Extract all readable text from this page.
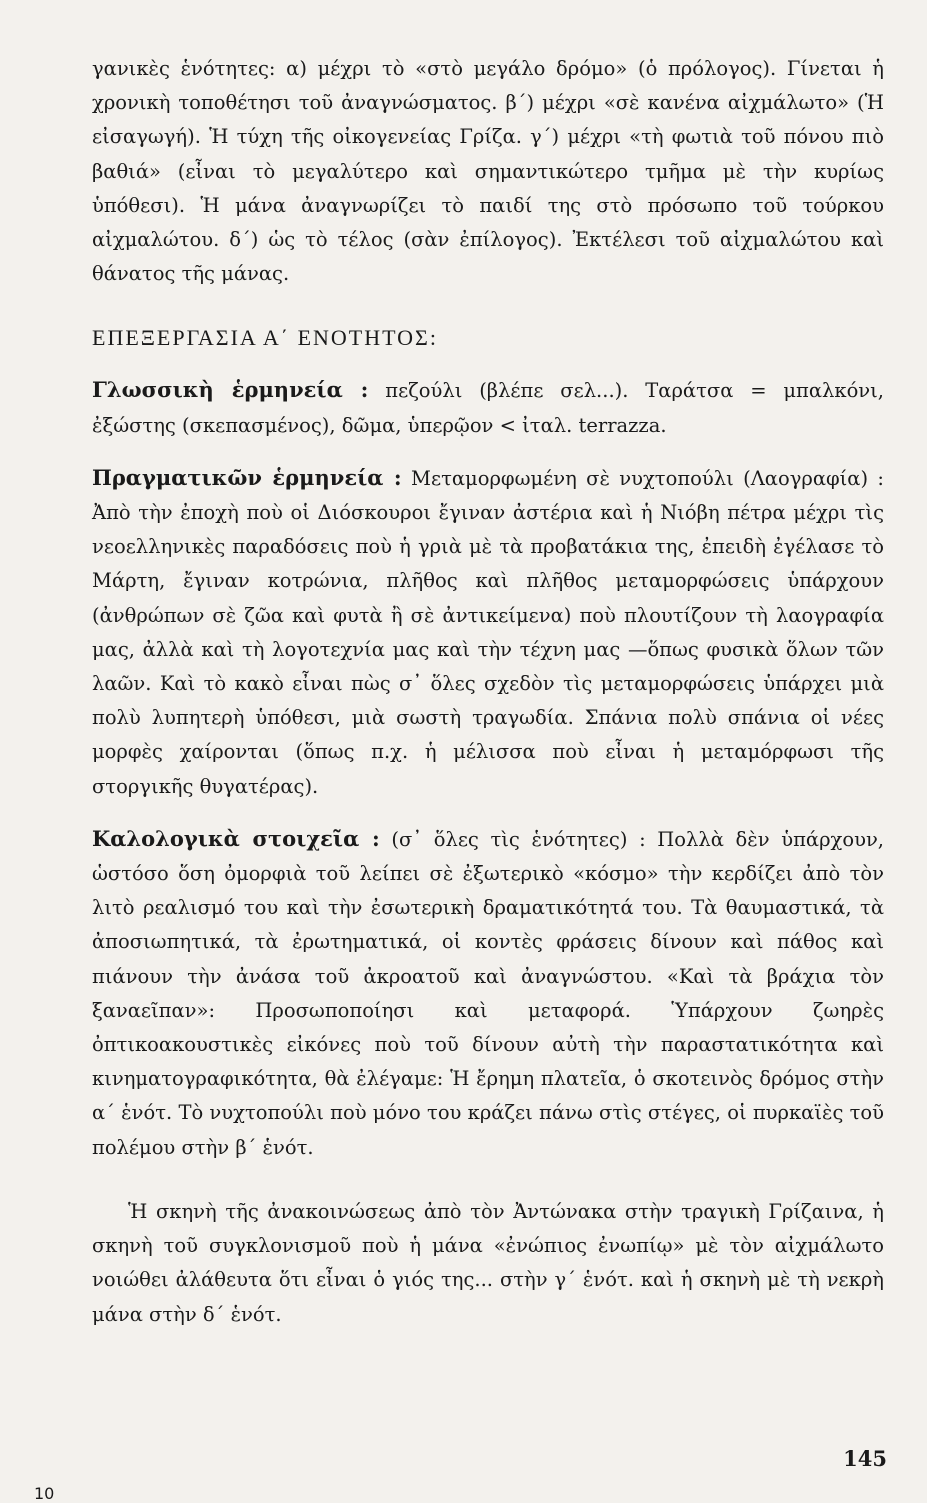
γανικὲς ἑνότητες: α) μέχρι τὸ «στὸ μεγάλο δρόμο» (ὁ πρόλογος). Γίνεται ἡ χρονικὴ τοποθέτησι τοῦ ἀναγνώσματος. β΄) μέχρι «σὲ κανένα αἰχμάλωτο» (Ἡ εἰσαγωγή). Ἡ τύχη τῆς οἰκογενείας Γρίζα. γ΄) μέχρι «τὴ φωτιὰ τοῦ πόνου πιὸ βαθιά» (εἶναι τὸ μεγαλύτερο καὶ σημαντικώτερο τμῆμα μὲ τὴν κυρίως ὑπόθεσι). Ἡ μάνα ἀναγνωρίζει τὸ παιδί της στὸ πρόσωπο τοῦ τούρκου αἰχμαλώτου. δ΄) ὡς τὸ τέλος (σὰν ἐπίλογος). Ἐκτέλεσι τοῦ αἰχμαλώτου καὶ θάνατος τῆς μάνας.

ΕΠΕΞΕΡΓΑΣΙΑ Α΄ ΕΝΟΤΗΤΟΣ:

Γλωσσικὴ ἑρμηνεία : πεζούλι (βλέπε σελ...). Ταράτσα = μπαλκόνι, ἐξώστης (σκεπασμένος), δῶμα, ὑπερῷον < ἰταλ. terrazza.

Πραγματικῶν ἑρμηνεία : Μεταμορφωμένη σὲ νυχτοπούλι (Λαογραφία) : Ἀπὸ τὴν ἐποχὴ ποὺ οἱ Διόσκουροι ἔγιναν ἀστέρια καὶ ἡ Νιόβη πέτρα μέχρι τὶς νεοελληνικὲς παραδόσεις ποὺ ἡ γριὰ μὲ τὰ προβατάκια της, ἐπειδὴ ἐγέλασε τὸ Μάρτη, ἔγιναν κοτρώνια, πλῆθος καὶ πλῆθος μεταμορφώσεις ὑπάρχουν (ἀνθρώπων σὲ ζῶα καὶ φυτὰ ἢ σὲ ἀντικείμενα) ποὺ πλουτίζουν τὴ λαογραφία μας, ἀλλὰ καὶ τὴ λογοτεχνία μας καὶ τὴν τέχνη μας —ὅπως φυσικὰ ὅλων τῶν λαῶν. Καὶ τὸ κακὸ εἶναι πὼς σ᾽ ὅλες σχεδὸν τὶς μεταμορφώσεις ὑπάρχει μιὰ πολὺ λυπητερὴ ὑπόθεσι, μιὰ σωστὴ τραγωδία. Σπάνια πολὺ σπάνια οἱ νέες μορφὲς χαίρονται (ὅπως π.χ. ἡ μέλισσα ποὺ εἶναι ἡ μεταμόρφωσι τῆς στοργικῆς θυγατέρας).

Καλολογικὰ στοιχεῖα : (σ᾽ ὅλες τὶς ἑνότητες) : Πολλὰ δὲν ὑπάρχουν, ὡστόσο ὅση ὀμορφιὰ τοῦ λείπει σὲ ἐξωτερικὸ «κόσμο» τὴν κερδίζει ἀπὸ τὸν λιτὸ ρεαλισμό του καὶ τὴν ἐσωτερικὴ δραματικότητά του. Τὰ θαυμαστικά, τὰ ἀποσιωπητικά, τὰ ἐρωτηματικά, οἱ κοντὲς φράσεις δίνουν καὶ πάθος καὶ πιάνουν τὴν ἀνάσα τοῦ ἀκροατοῦ καὶ ἀναγνώστου. «Καὶ τὰ βράχια τὸν ξαναεῖπαν»: Προσωποποίησι καὶ μεταφορά. Ὑπάρχουν ζωηρὲς ὀπτικοακουστικὲς εἰκόνες ποὺ τοῦ δίνουν αὐτὴ τὴν παραστατικότητα καὶ κινηματογραφικότητα, θὰ ἐλέγαμε: Ἡ ἔρημη πλατεῖα, ὁ σκοτεινὸς δρόμος στὴν α΄ ἑνότ. Τὸ νυχτοπούλι ποὺ μόνο του κράζει πάνω στὶς στέγες, οἱ πυρκαϊὲς τοῦ πολέμου στὴν β΄ ἑνότ.

Ἡ σκηνὴ τῆς ἀνακοινώσεως ἀπὸ τὸν Ἀντώνακα στὴν τραγικὴ Γρίζαινα, ἡ σκηνὴ τοῦ συγκλονισμοῦ ποὺ ἡ μάνα «ἐνώπιος ἐνωπίῳ» μὲ τὸν αἰχμάλωτο νοιώθει ἀλάθευτα ὅτι εἶναι ὁ γιός της... στὴν γ΄ ἑνότ. καὶ ἡ σκηνὴ μὲ τὴ νεκρὴ μάνα στὴν δ΄ ἑνότ.

145
10
